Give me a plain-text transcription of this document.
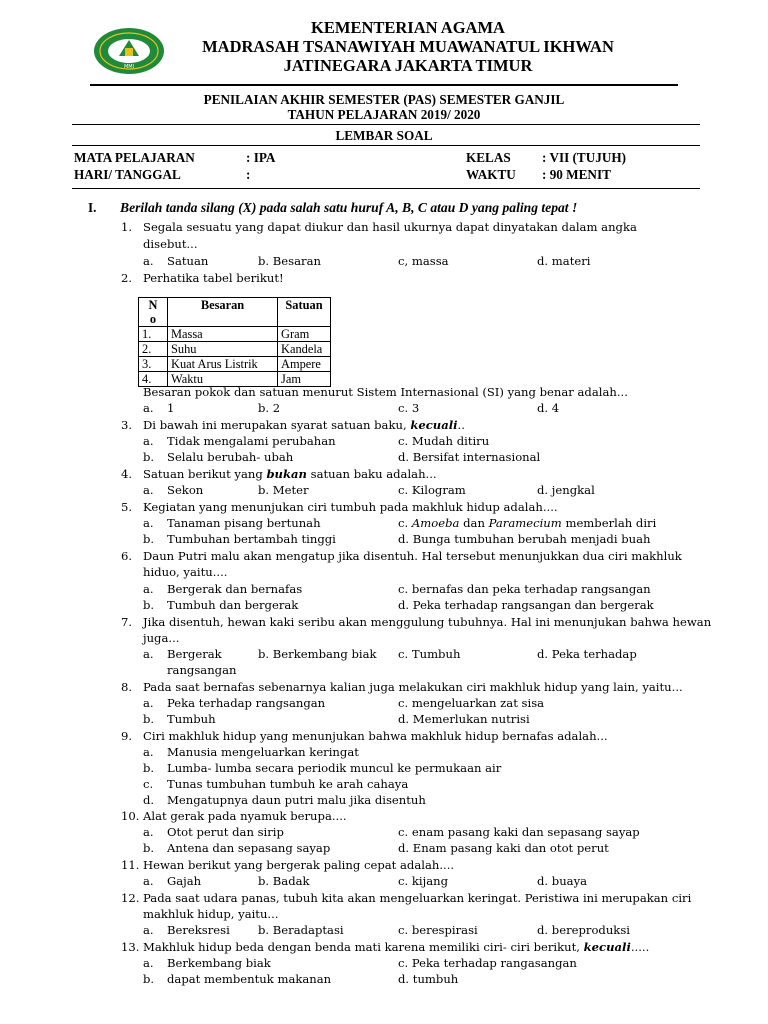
MMI
KEMENTERIAN AGAMA
MADRASAH TSANAWIYAH MUAWANATUL IKHWAN
JATINEGARA JAKARTA TIMUR
PENILAIAN AKHIR SEMESTER (PAS) SEMESTER GANJIL
TAHUN PELAJARAN 2019/ 2020
LEMBAR SOAL
MATA PELAJARAN	: IPA
HARI/ TANGGAL	:
KELAS : VII (TUJUH)
WAKTU : 90 MENIT
I. Berilah tanda silang (X) pada salah satu huruf A, B, C atau D yang paling tepat !
1. Segala sesuatu yang dapat diukur dan hasil ukurnya dapat dinyatakan dalam angka
disebut...
a. Satuan	b. Besaran	c, massa	d. materi
2. Perhatika tabel berikut!
N
o	Besaran	Satuan
1.	Massa	Gram
2.	Suhu	Kandela
3.	Kuat Arus Listrik	Ampere
4.	Waktu	Jam
Besaran pokok dan satuan menurut Sistem Internasional (SI) yang benar adalah...
a. 1	b. 2	c. 3	d. 4
3. Di bawah ini merupakan syarat satuan baku, kecuali..
a. Tidak mengalami perubahan	c. Mudah ditiru
b. Selalu berubah- ubah	d. Bersifat internasional
4. Satuan berikut yang bukan satuan baku adalah...
a. Sekon	b. Meter	c. Kilogram	d. jengkal
5. Kegiatan yang menunjukan ciri tumbuh pada makhluk hidup adalah....
a. Tanaman pisang bertunah	c. Amoeba dan Paramecium memberlah diri
b. Tumbuhan bertambah tinggi	d. Bunga tumbuhan berubah menjadi buah
6. Daun Putri malu akan mengatup jika disentuh. Hal tersebut menunjukkan dua ciri makhluk
hiduo, yaitu....
a. Bergerak dan bernafas	c. bernafas dan peka terhadap rangsangan
b. Tumbuh dan bergerak	d. Peka terhadap rangsangan dan bergerak
7. Jika disentuh, hewan kaki seribu akan menggulung tubuhnya. Hal ini menunjukan bahwa hewan
juga...
a. Bergerak	b. Berkembang biak c. Tumbuh	d. Peka terhadap
rangsangan
8. Pada saat bernafas sebenarnya kalian juga melakukan ciri makhluk hidup yang lain, yaitu...
a. Peka terhadap rangsangan	c. mengeluarkan zat sisa
b. Tumbuh	d. Memerlukan nutrisi
9. Ciri makhluk hidup yang menunjukan bahwa makhluk hidup bernafas adalah...
a. Manusia mengeluarkan keringat
b. Lumba- lumba secara periodik muncul ke permukaan air
c. Tunas tumbuhan tumbuh ke arah cahaya
d. Mengatupnya daun putri malu jika disentuh
10. Alat gerak pada nyamuk berupa....
a. Otot perut dan sirip	c. enam pasang kaki dan sepasang sayap
b. Antena dan sepasang sayap	d. Enam pasang kaki dan otot perut
11. Hewan berikut yang bergerak paling cepat adalah....
a. Gajah	b. Badak	c. kijang	d. buaya
12. Pada saat udara panas, tubuh kita akan mengeluarkan keringat. Peristiwa ini merupakan ciri
makhluk hidup, yaitu...
a. Bereksresi b. Beradaptasi	c. berespirasi	d. bereproduksi
13. Makhluk hidup beda dengan benda mati karena memiliki ciri- ciri berikut, kecuali.....
a. Berkembang biak	c. Peka terhadap rangasangan
b. dapat membentuk makanan	d. tumbuh
